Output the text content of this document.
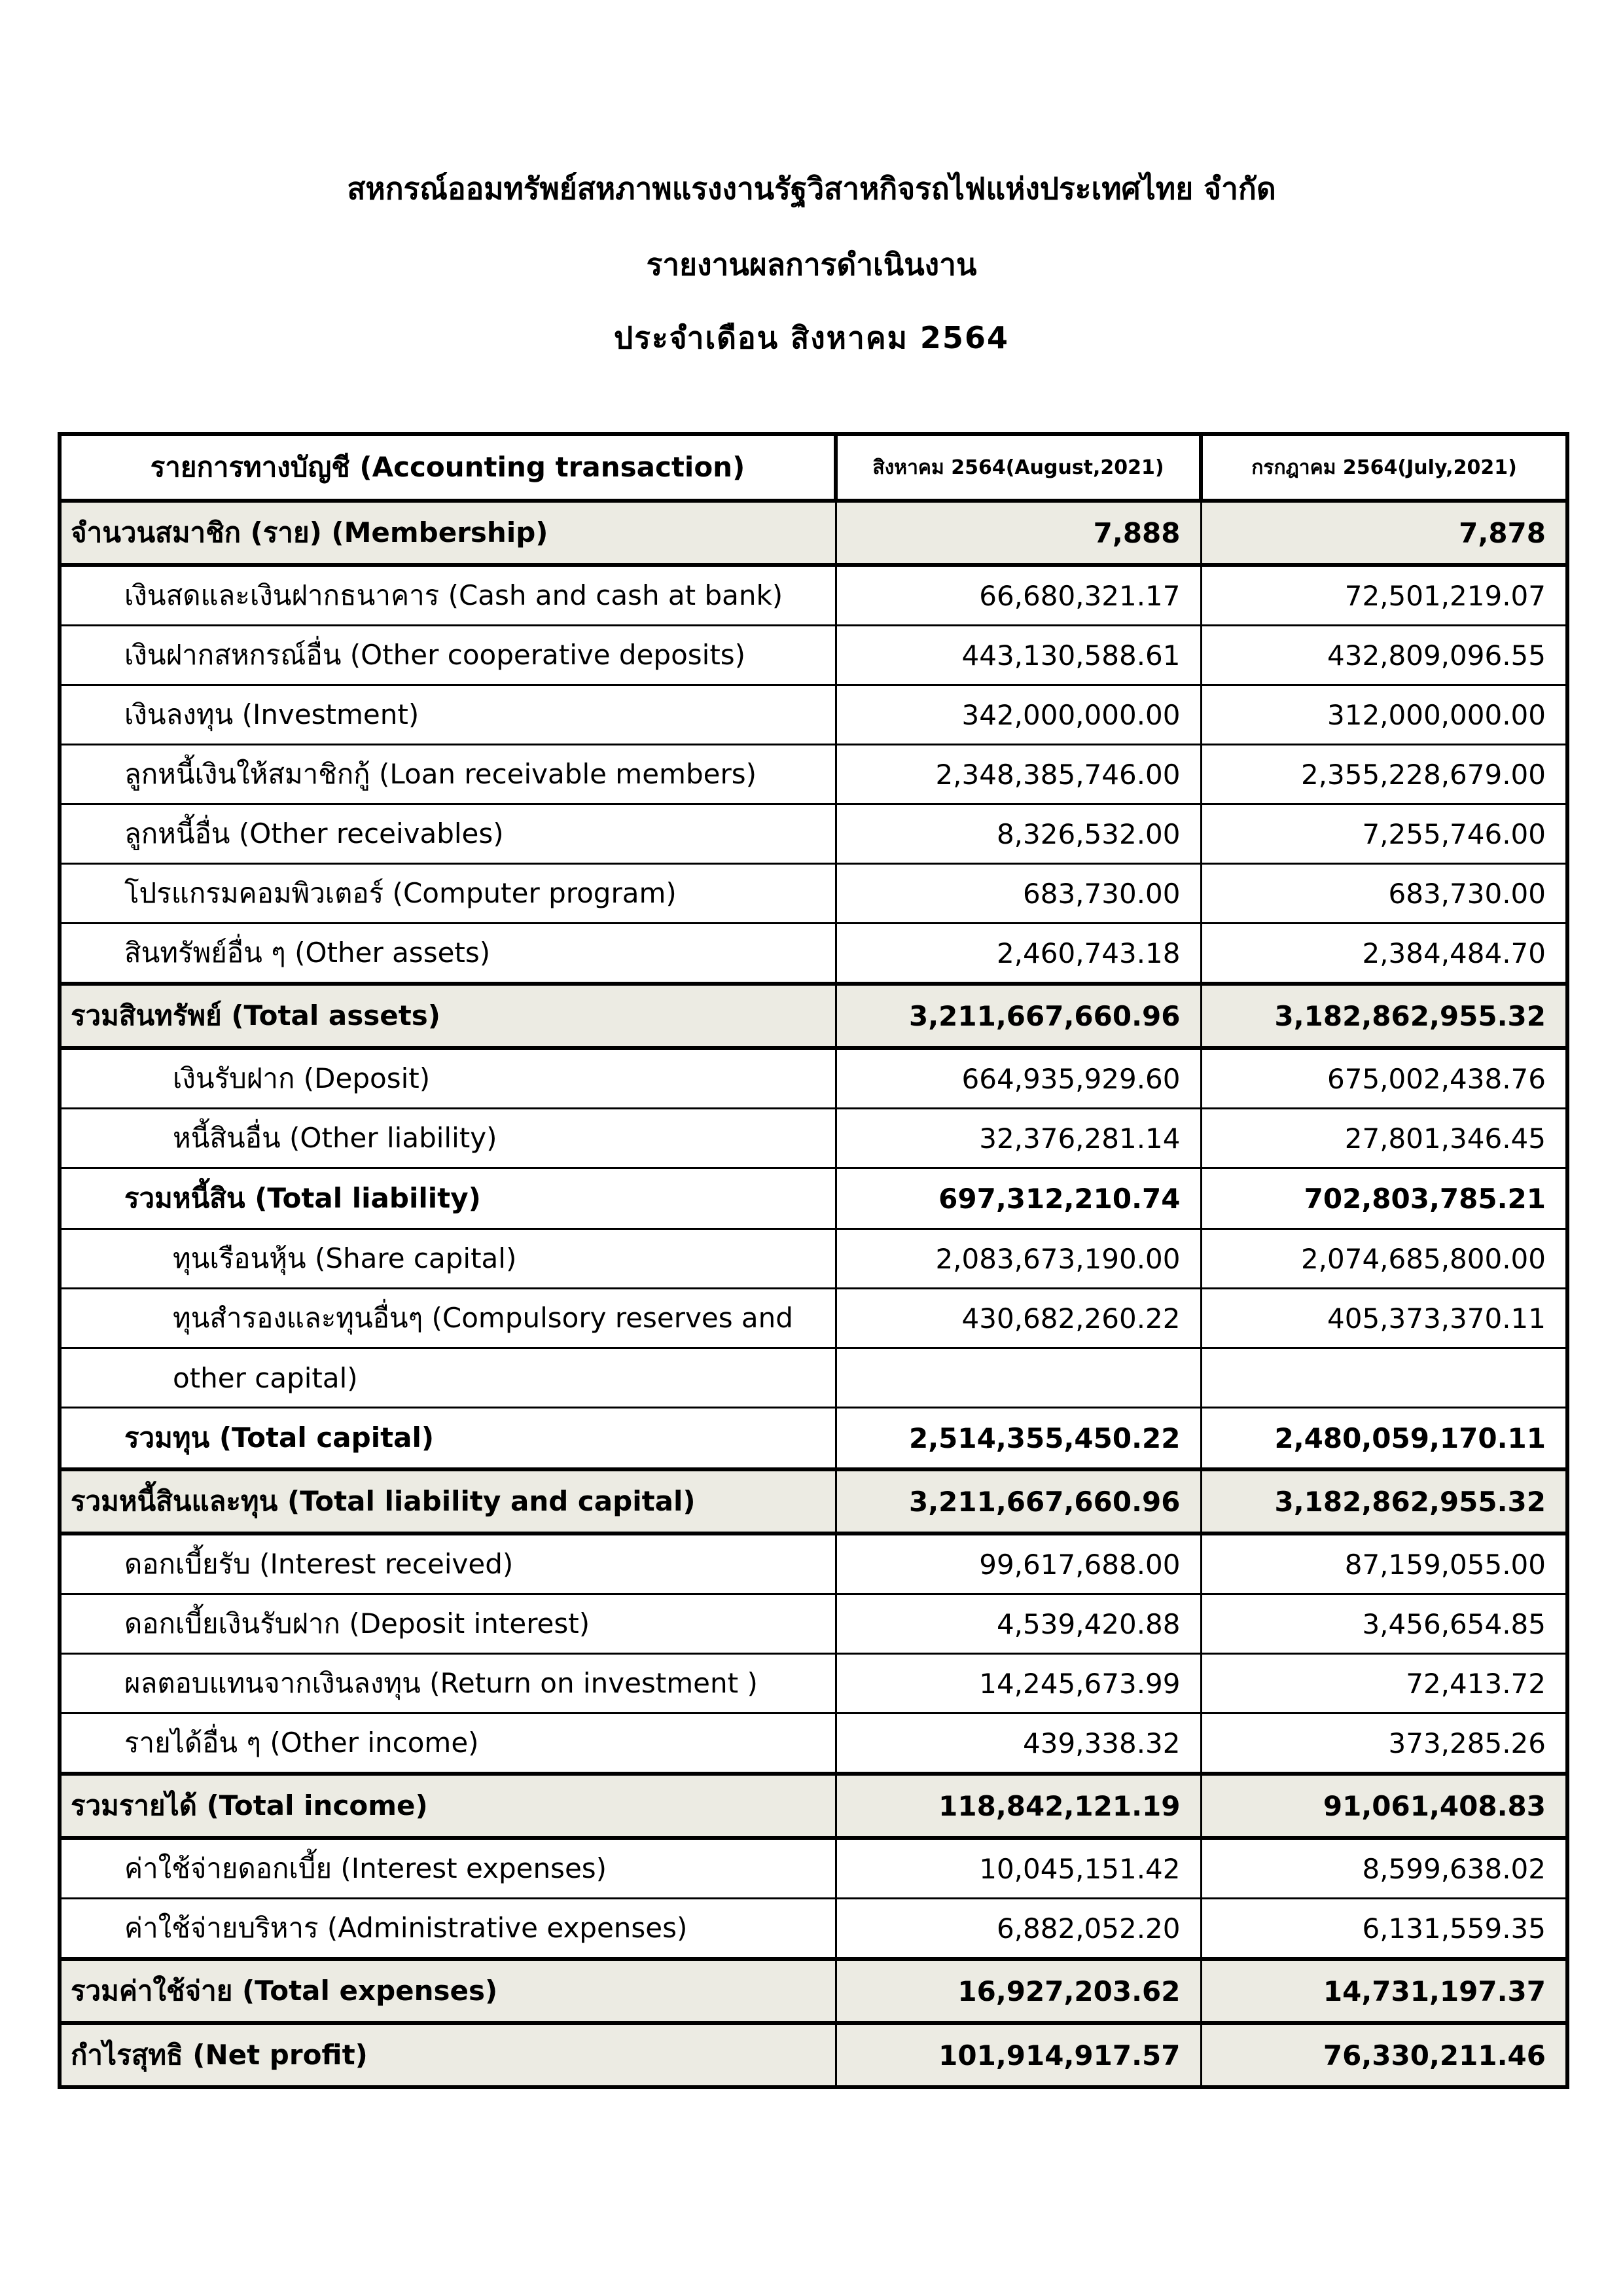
สหกรณ์ออมทรัพย์สหภาพแรงงานรัฐวิสาหกิจรถไฟแห่งประเทศไทย จำกัด
รายงานผลการดำเนินงาน
ประจำเดือน สิงหาคม 2564
รายการทางบัญชี (Accounting transaction)	สิงหาคม 2564(August,2021)	กรกฎาคม 2564(July,2021)
จำนวนสมาชิก (ราย) (Membership)	7,888	7,878
เงินสดและเงินฝากธนาคาร (Cash and cash at bank)	66,680,321.17	72,501,219.07
เงินฝากสหกรณ์อื่น (Other cooperative deposits)	443,130,588.61	432,809,096.55
เงินลงทุน (Investment)	342,000,000.00	312,000,000.00
ลูกหนี้เงินให้สมาชิกกู้ (Loan receivable members)	2,348,385,746.00	2,355,228,679.00
ลูกหนี้อื่น (Other receivables)	8,326,532.00	7,255,746.00
โปรแกรมคอมพิวเตอร์ (Computer program)	683,730.00	683,730.00
สินทรัพย์อื่น ๆ (Other assets)	2,460,743.18	2,384,484.70
รวมสินทรัพย์ (Total assets)	3,211,667,660.96	3,182,862,955.32
เงินรับฝาก (Deposit)	664,935,929.60	675,002,438.76
หนี้สินอื่น (Other liability)	32,376,281.14	27,801,346.45
รวมหนี้สิน (Total liability)	697,312,210.74	702,803,785.21
ทุนเรือนหุ้น (Share capital)	2,083,673,190.00	2,074,685,800.00
ทุนสำรองและทุนอื่นๆ (Compulsory reserves and	430,682,260.22	405,373,370.11
other capital)		
รวมทุน (Total capital)	2,514,355,450.22	2,480,059,170.11
รวมหนี้สินและทุน (Total liability and capital)	3,211,667,660.96	3,182,862,955.32
ดอกเบี้ยรับ (Interest received)	99,617,688.00	87,159,055.00
ดอกเบี้ยเงินรับฝาก (Deposit interest)	4,539,420.88	3,456,654.85
ผลตอบแทนจากเงินลงทุน (Return on investment )	14,245,673.99	72,413.72
รายได้อื่น ๆ (Other income)	439,338.32	373,285.26
รวมรายได้ (Total income)	118,842,121.19	91,061,408.83
ค่าใช้จ่ายดอกเบี้ย (Interest expenses)	10,045,151.42	8,599,638.02
ค่าใช้จ่ายบริหาร (Administrative expenses)	6,882,052.20	6,131,559.35
รวมค่าใช้จ่าย (Total expenses)	16,927,203.62	14,731,197.37
กำไรสุทธิ (Net profit)	101,914,917.57	76,330,211.46
